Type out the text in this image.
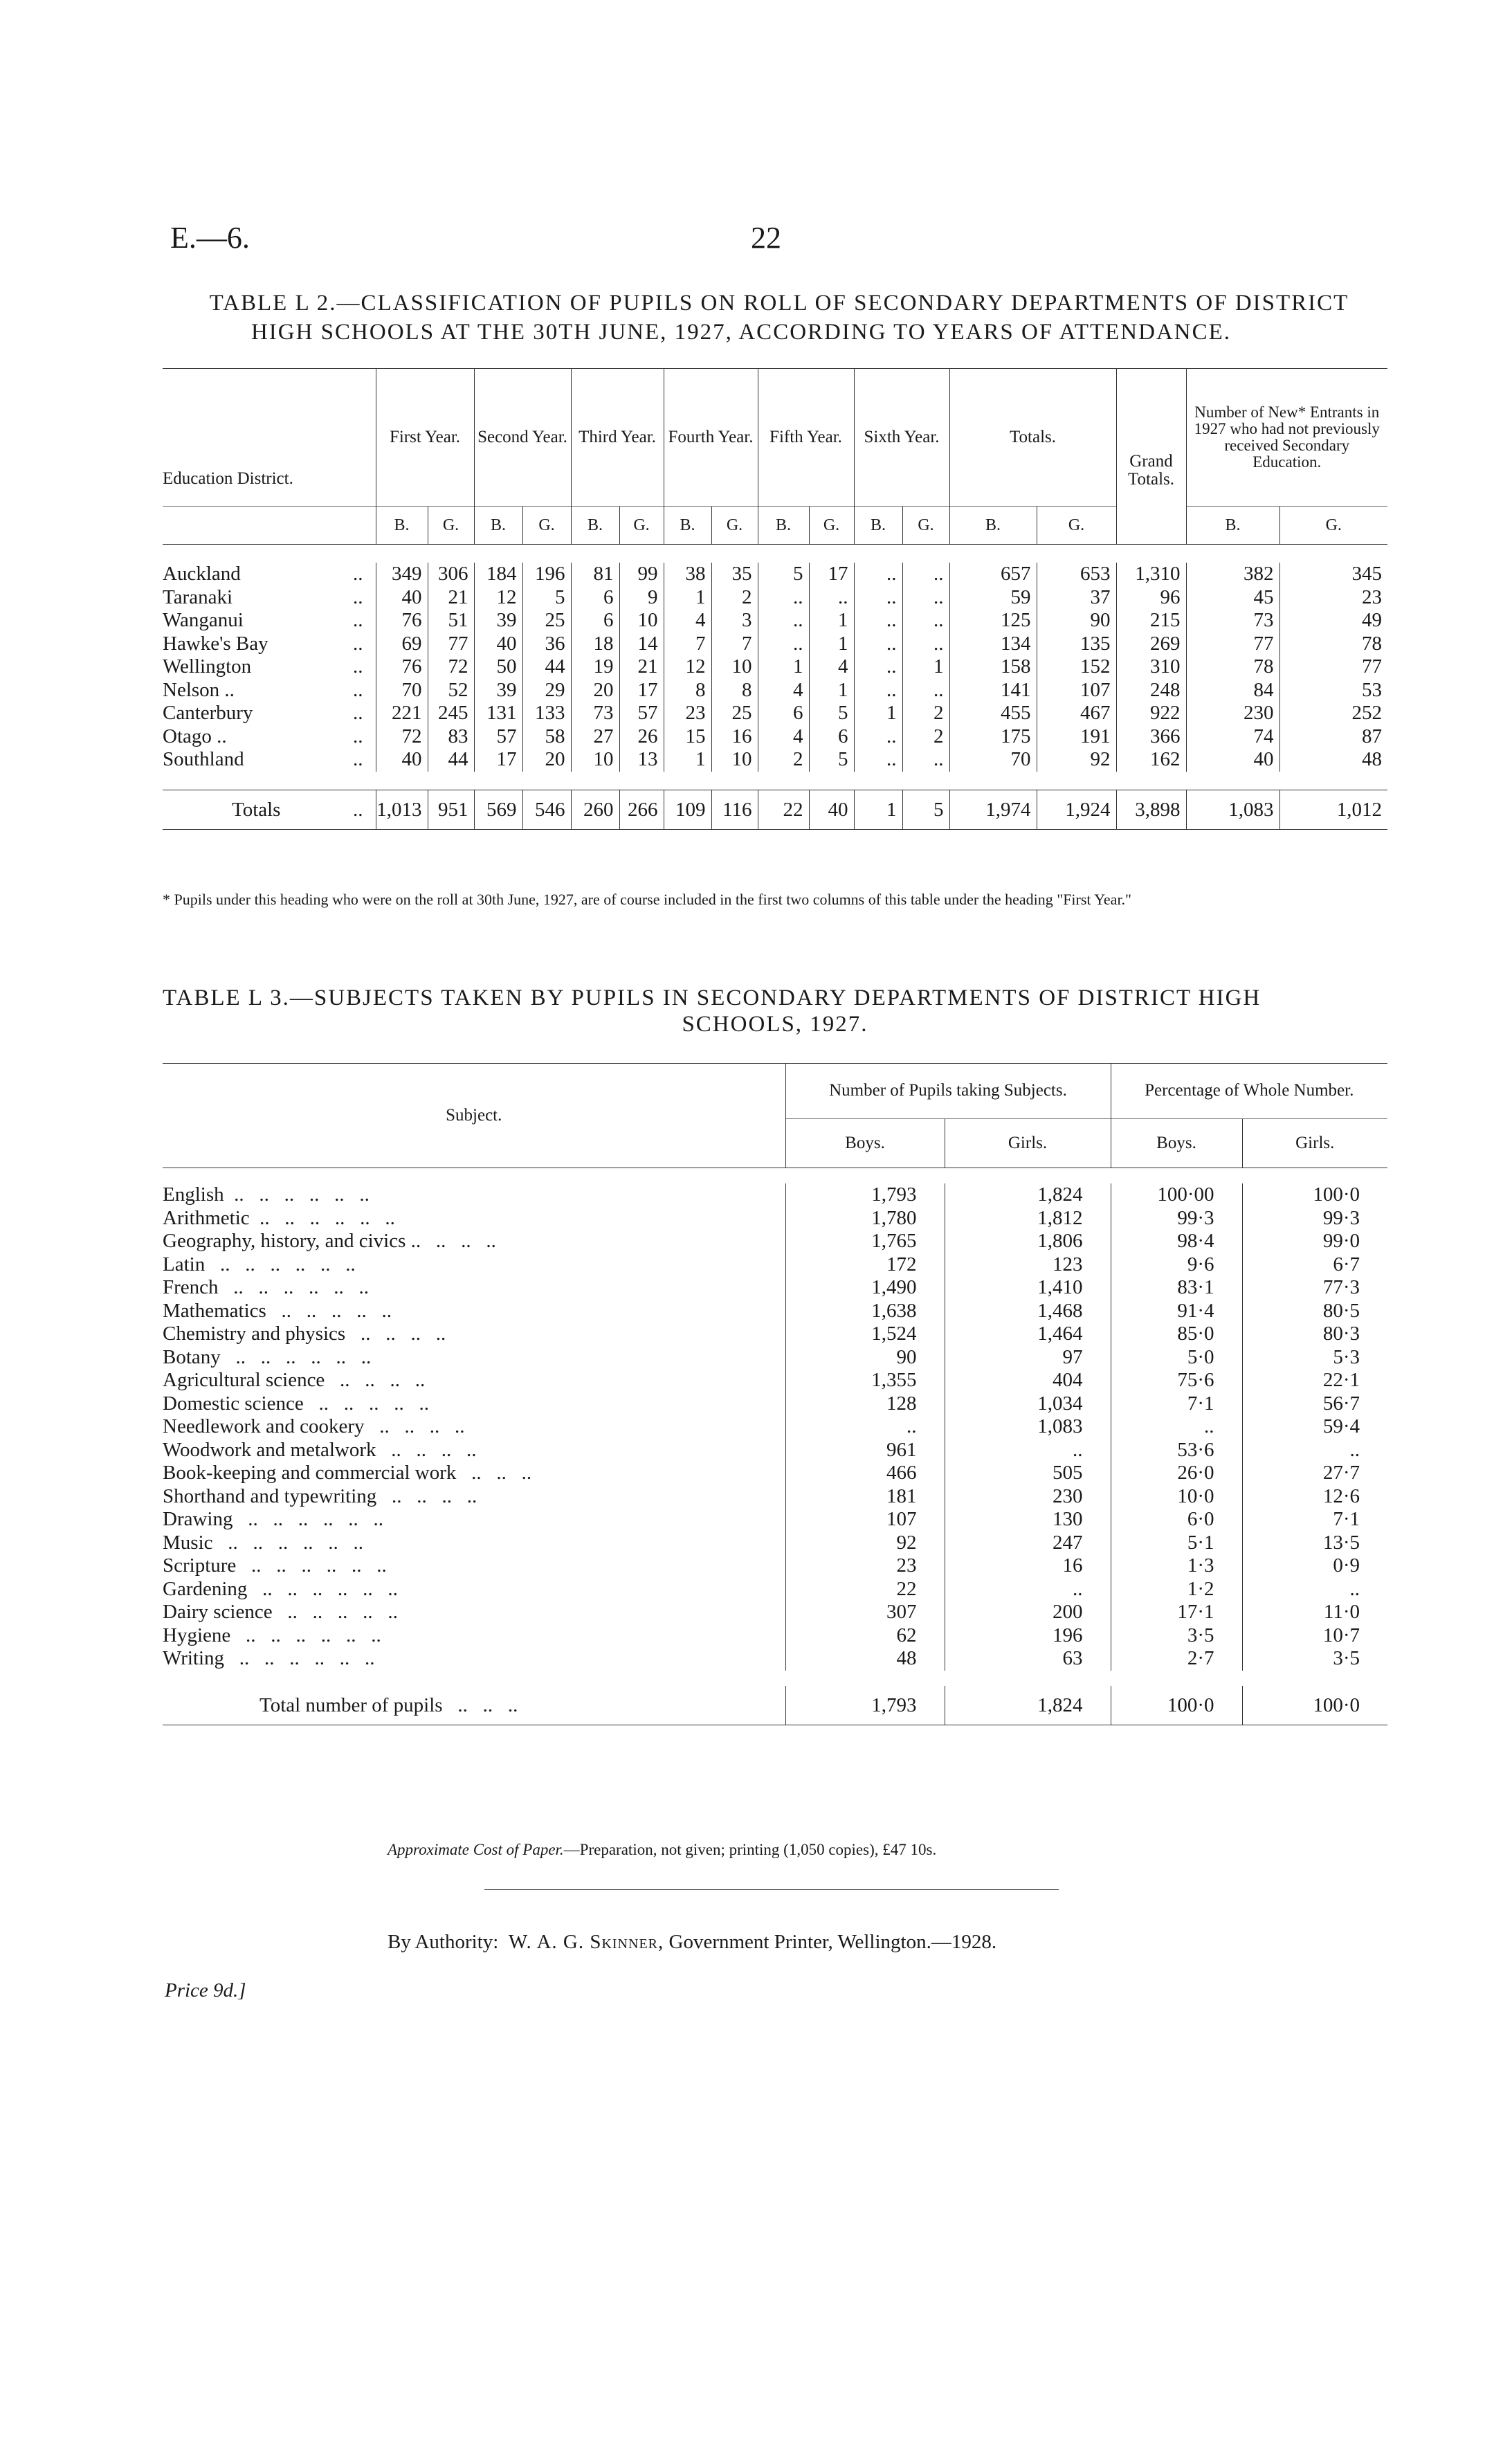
E.—6.	22
TABLE L 2.—CLASSIFICATION OF PUPILS ON ROLL OF SECONDARY DEPARTMENTS OF DISTRICT
HIGH SCHOOLS AT THE 30TH JUNE, 1927, ACCORDING TO YEARS OF ATTENDANCE.
Education District.	First Year.		Second Year.		Third Year.		Fourth Year.		Fifth Year.		Sixth Year.		Totals.		Grand Totals.	Number of New* Entrants in 1927 who had not previously received Secondary Education.	
	B.	G.	B.	G.	B.	G.	B.	G.	B.	G.	B.	G.	B.	G.		B.	G.

Auckland ..	349	306	184	196	81	99	38	35	5	17	..	..	657	653	1,310	382	345
Taranaki ..	40	21	12	5	6	9	1	2	..	..	..	..	59	37	96	45	23
Wanganui ..	76	51	39	25	6	10	4	3	..	1	..	..	125	90	215	73	49
Hawke's Bay ..	69	77	40	36	18	14	7	7	..	1	..	..	134	135	269	77	78
Wellington ..	76	72	50	44	19	21	12	10	1	4	..	1	158	152	310	78	77
Nelson .. ..	70	52	39	29	20	17	8	8	4	1	..	..	141	107	248	84	53
Canterbury ..	221	245	131	133	73	57	23	25	6	5	1	2	455	467	922	230	252
Otago .. ..	72	83	57	58	27	26	15	16	4	6	..	2	175	191	366	74	87
Southland ..	40	44	17	20	10	13	1	10	2	5	..	..	70	92	162	40	48

Totals ..	1,013	951	569	546	260	266	109	116	22	40	1	5	1,974	1,924	3,898	1,083	1,012
* Pupils under this heading who were on the roll at 30th June, 1927, are of course included in the first two columns of this table under the heading "First Year."
TABLE L 3.—SUBJECTS TAKEN BY PUPILS IN SECONDARY DEPARTMENTS OF DISTRICT HIGH
SCHOOLS, 1927.
Subject.	Number of Pupils taking Subjects.		Percentage of Whole Number.	
	Boys.	Girls.	Boys.	Girls.

English  ..   ..   ..   ..   ..   ..	1,793	1,824	100·00	100·0
Arithmetic  ..   ..   ..   ..   ..   ..	1,780	1,812	99·3	99·3
Geography, history, and civics ..   ..   ..   ..	1,765	1,806	98·4	99·0
Latin   ..   ..   ..   ..   ..   ..	172	123	9·6	6·7
French   ..   ..   ..   ..   ..   ..	1,490	1,410	83·1	77·3
Mathematics   ..   ..   ..   ..   ..	1,638	1,468	91·4	80·5
Chemistry and physics   ..   ..   ..   ..	1,524	1,464	85·0	80·3
Botany   ..   ..   ..   ..   ..   ..	90	97	5·0	5·3
Agricultural science   ..   ..   ..   ..	1,355	404	75·6	22·1
Domestic science   ..   ..   ..   ..   ..	128	1,034	7·1	56·7
Needlework and cookery   ..   ..   ..   ..	..	1,083	..	59·4
Woodwork and metalwork   ..   ..   ..   ..	961	..	53·6	..
Book-keeping and commercial work   ..   ..   ..	466	505	26·0	27·7
Shorthand and typewriting   ..   ..   ..   ..	181	230	10·0	12·6
Drawing   ..   ..   ..   ..   ..   ..	107	130	6·0	7·1
Music   ..   ..   ..   ..   ..   ..	92	247	5·1	13·5
Scripture   ..   ..   ..   ..   ..   ..	23	16	1·3	0·9
Gardening   ..   ..   ..   ..   ..   ..	22	..	1·2	..
Dairy science   ..   ..   ..   ..   ..	307	200	17·1	11·0
Hygiene   ..   ..   ..   ..   ..   ..	62	196	3·5	10·7
Writing   ..   ..   ..   ..   ..   ..	48	63	2·7	3·5

Total number of pupils   ..   ..   ..	1,793	1,824	100·0	100·0
Approximate Cost of Paper.—Preparation, not given; printing (1,050 copies), £47 10s.
By Authority: W. A. G. Skinner, Government Printer, Wellington.—1928.
Price 9d.]
